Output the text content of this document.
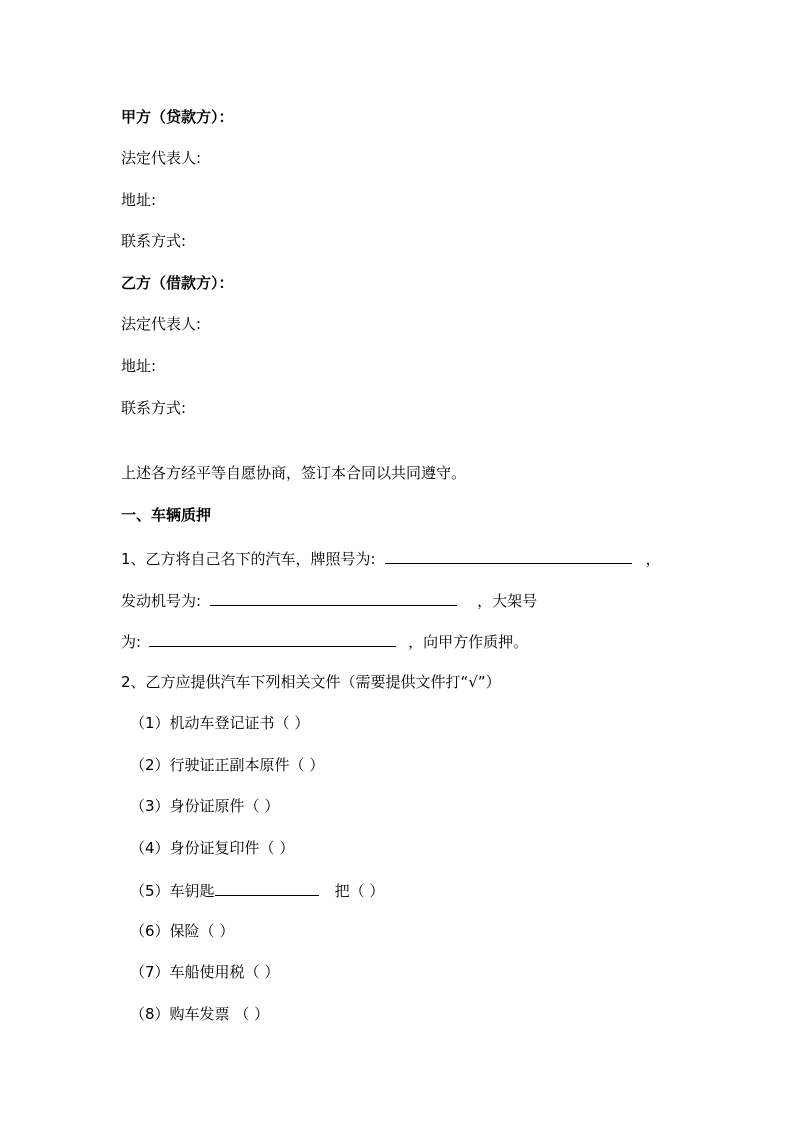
甲方（贷款方）：
法定代表人:
地址:
联系方式:
乙方（借款方）：
法定代表人:
地址:
联系方式:
上述各方经平等自愿协商，签订本合同以共同遵守。
一、车辆质押
1、乙方将自己名下的汽车，牌照号为:	，
发动机号为:	，大架号
为:	，向甲方作质押。
2、乙方应提供汽车下列相关文件（需要提供文件打“√”）
（1）机动车登记证书（ ）
（2）行驶证正副本原件（ ）
（3）身份证原件（ ）
（4）身份证复印件（ ）
（5）车钥匙	把（ ）
（6）保险（ ）
（7）车船使用税（ ）
（8）购车发票 （ ）
